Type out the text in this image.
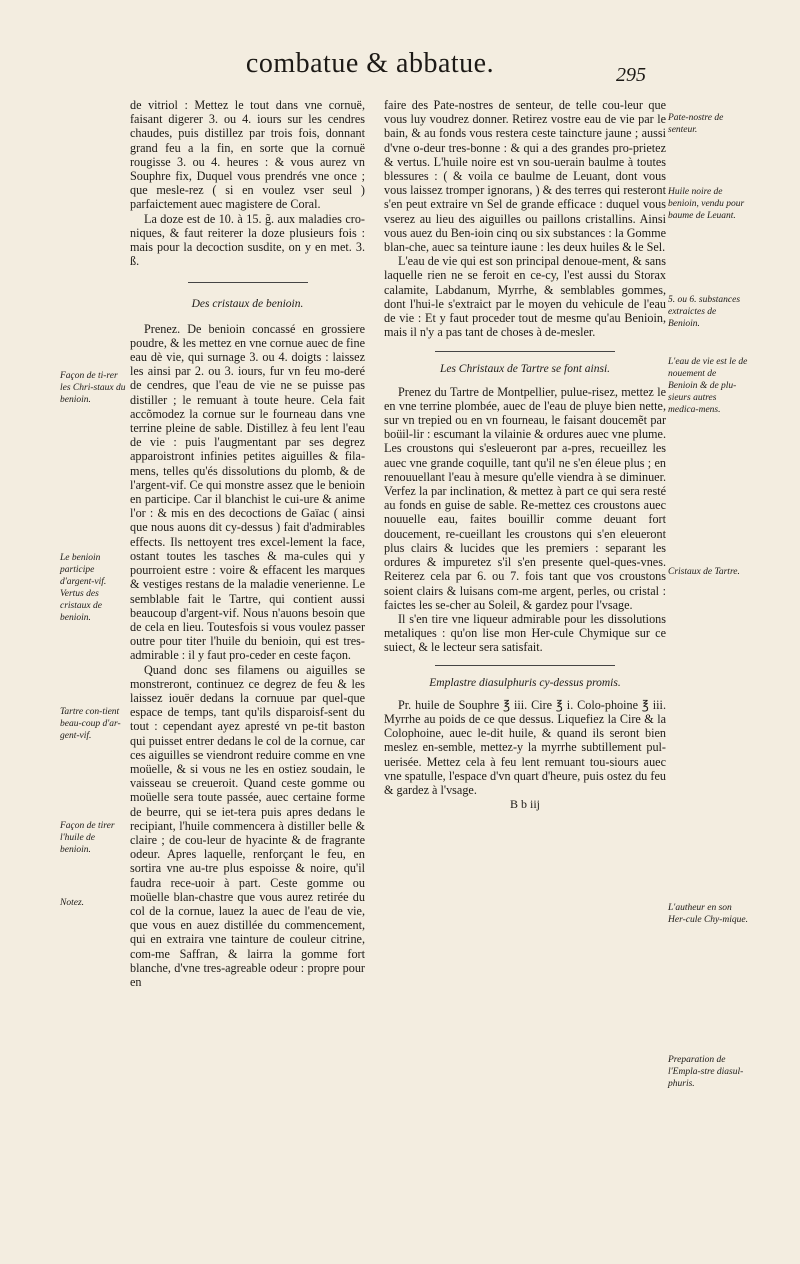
combatue & abbatue.	295
Façon de ti-rer les Chri-staux du benioin.
Le benioin participe d'argent-vif. Vertus des cristaux de benioin.
Tartre con-tient beau-coup d'ar-gent-vif.
Façon de tirer l'huile de benioin.
Notez.

de vitriol : Mettez le tout dans vne cornuë, faisant digerer 3. ou 4. iours sur les cendres chaudes, puis distillez par trois fois, donnant grand feu a la fin, en sorte que la cornuë rougisse 3. ou 4. heures : & vous aurez vn Souphre fix, Duquel vous prendrés vne once ; que mesle-rez ( si en voulez vser seul ) parfaictement auec magistere de Coral.

La doze est de 10. à 15. g̃. aux maladies cro-niques, & faut reiterer la doze plusieurs fois : mais pour la decoction susdite, on y en met. 3. ß.

Des cristaux de benioin.

Prenez. De benioin concassé en grossiere poudre, & les mettez en vne cornue auec de fine eau dè vie, qui surnage 3. ou 4. doigts : laissez les ainsi par 2. ou 3. iours, fur vn feu mo-deré de cendres, que l'eau de vie ne se puisse pas distiller ; le remuant à toute heure. Cela fait accõmodez la cornue sur le fourneau dans vne terrine pleine de sable. Distillez à feu lent l'eau de vie : puis l'augmentant par ses degrez apparoistront infinies petites aiguilles & fila-mens, telles qu'és dissolutions du plomb, & de l'argent-vif. Ce qui monstre assez que le benioin en participe. Car il blanchist le cui-ure & anime l'or : & mis en des decoctions de Gaïac ( ainsi que nous auons dit cy-dessus ) fait d'admirables effects. Ils nettoyent tres excel-lement la face, ostant toutes les tasches & ma-cules qui y pourroient estre : voire & effacent les marques & vestiges restans de la maladie venerienne. Le semblable fait le Tartre, qui contient aussi beaucoup d'argent-vif. Nous n'auons besoin que de cela en lieu. Toutesfois si vous voulez passer outre pour titer l'huile du benioin, qui est tres-admirable : il y faut pro-ceder en ceste façon.

Quand donc ses filamens ou aiguilles se monstreront, continuez ce degrez de feu & les laissez iouër dedans la cornuue par quel-que espace de temps, tant qu'ils disparoisf-sent du tout : cependant ayez apresté vn pe-tit baston qui puisset entrer dedans le col de la cornue, car ces aiguilles se viendront reduire comme en vne moüelle, & si vous ne les en ostiez soudain, le vaisseau se creueroit. Quand ceste gomme ou moüelle sera toute passée, auec certaine forme de beurre, qui se iet-tera puis apres dedans le recipiant, l'huile commencera à distiller belle & claire ; de cou-leur de hyacinte & de fragrante odeur. Apres laquelle, renforçant le feu, en sortira vne au-tre plus espoisse & noire, qu'il faudra rece-uoir à part. Ceste gomme ou moüelle blan-chastre que vous aurez retirée du col de la cornue, lauez la auec de l'eau de vie, que vous en auez distillée du commencement, qui en extraira vne tainture de couleur citrine, com-me Saffran, & lairra la gomme fort blanche, d'vne tres-agreable odeur : propre pour en

Pate-nostre de senteur.
Huile noire de benioin, vendu pour baume de Leuant.
5. ou 6. substances extraictes de Benioin.
L'eau de vie est le de nouement de Benioin & de plu-sieurs autres medica-mens.
Cristaux de Tartre.
L'autheur en son Her-cule Chy-mique.
Preparation de l'Empla-stre diasul-phuris.

faire des Pate-nostres de senteur, de telle cou-leur que vous luy voudrez donner. Retirez vostre eau de vie par le bain, & au fonds vous restera ceste taincture jaune ; aussi d'vne o-deur tres-bonne : & qui a des grandes pro-prietez & vertus. L'huile noire est vn sou-uerain baulme à toutes blessures : ( & voila ce baulme de Leuant, dont vous vous laissez tromper ignorans, ) & des terres qui resteront s'en peut extraire vn Sel de grande efficace : duquel vous vserez au lieu des aiguilles ou paillons cristallins. Ainsi vous auez du Ben-ioin cinq ou six substances : la Gomme blan-che, auec sa teinture iaune : les deux huiles & le Sel.

L'eau de vie qui est son principal denoue-ment, & sans laquelle rien ne se feroit en ce-cy, l'est aussi du Storax calamite, Labdanum, Myrrhe, & semblables gommes, dont l'hui-le s'extraict par le moyen du vehicule de l'eau de vie : Et y faut proceder tout de mesme qu'au Benioin, mais il n'y a pas tant de choses à de-mesler.

Les Christaux de Tartre se font ainsi.

Prenez du Tartre de Montpellier, pulue-risez, mettez le en vne terrine plombée, auec de l'eau de pluye bien nette, sur vn trepied ou en vn fourneau, le faisant doucemẽt par boüil-lir : escumant la vilainie & ordures auec vne plume. Les croustons qui s'esleueront par a-pres, recueillez les auec vne grande coquille, tant qu'il ne s'en éleue plus ; en renouuellant l'eau à mesure qu'elle viendra à se diminuer. Verfez la par inclination, & mettez à part ce qui sera resté au fonds en guise de sable. Re-mettez ces croustons auec nouuelle eau, faites bouillir comme deuant fort doucement, re-cueillant les croustons qui s'en eleueront plus clairs & lucides que les premiers : separant les ordures & impuretez s'il s'en presente quel-ques-vnes. Reiterez cela par 6. ou 7. fois tant que vos croustons soient clairs & luisans com-me argent, perles, ou cristal : faictes les se-cher au Soleil, & gardez pour l'vsage.

Il s'en tire vne liqueur admirable pour les dissolutions metaliques : qu'on lise mon Her-cule Chymique sur ce suiect, & le lecteur sera satisfait.

Emplastre diasulphuris cy-dessus promis.

Pr. huile de Souphre ℥ iii. Cire ℥ i. Colo-phoine ℥ iii. Myrrhe au poids de ce que dessus. Liquefiez la Cire & la Colophoine, auec le-dit huile, & quand ils seront bien meslez en-semble, mettez-y la myrrhe subtillement pul-uerisée. Mettez cela à feu lent remuant tou-siours auec vne spatulle, l'espace d'vn quart d'heure, puis ostez du feu & gardez à l'vsage.

B b iij
